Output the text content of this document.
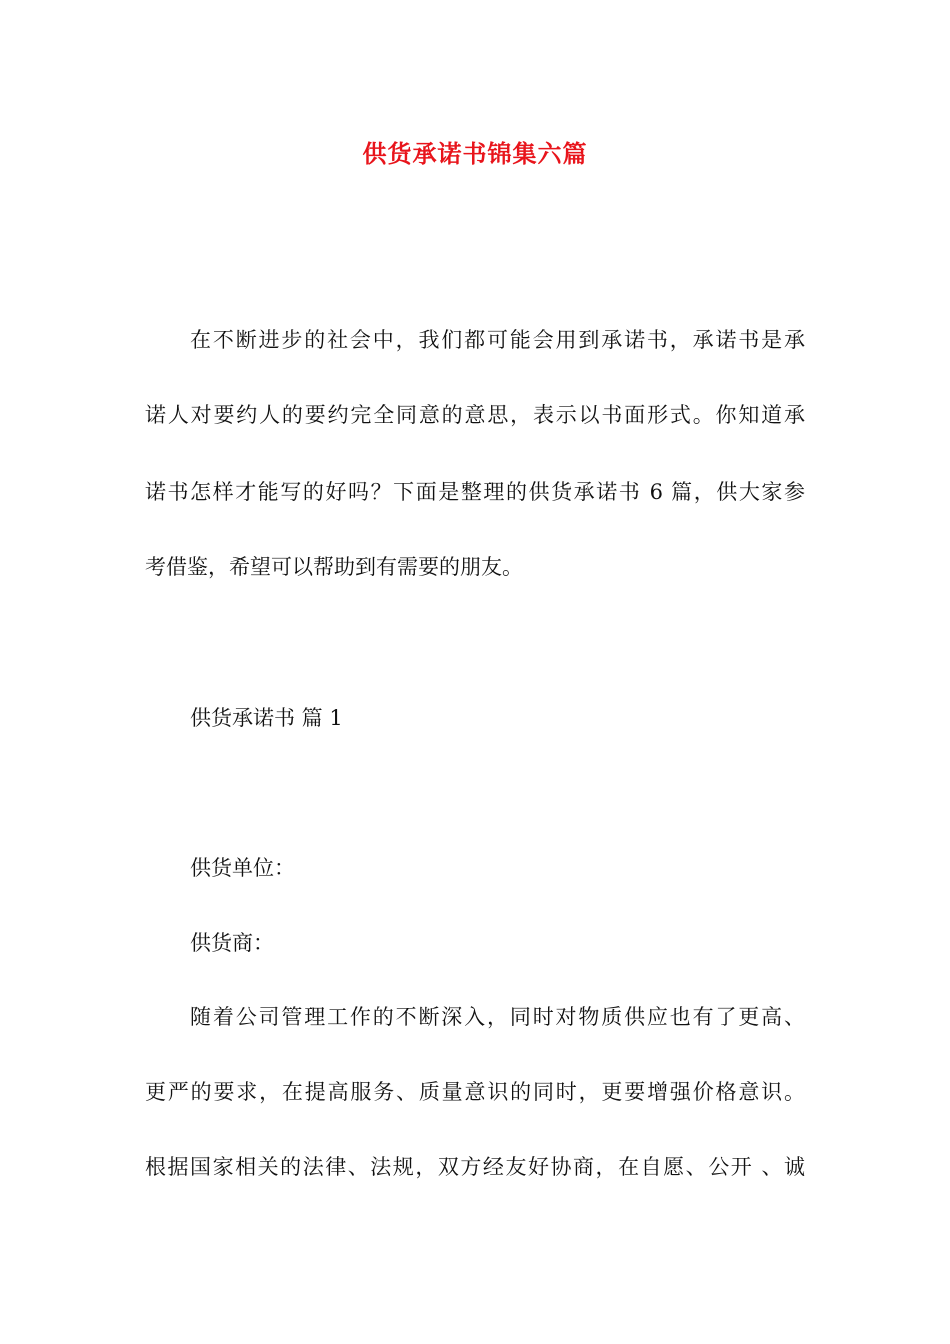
供货承诺书锦集六篇
在不断进步的社会中，我们都可能会用到承诺书，承诺书是承
诺人对要约人的要约完全同意的意思，表示以书面形式。你知道承
诺书怎样才能写的好吗？下面是整理的供货承诺书 6 篇，供大家参
考借鉴，希望可以帮助到有需要的朋友。
供货承诺书 篇 1
供货单位：
供货商：
随着公司管理工作的不断深入，同时对物质供应也有了更高、
更严的要求，在提高服务、质量意识的同时，更要增强价格意识。
根据国家相关的法律、法规，双方经友好协商，在自愿、公开 、诚
